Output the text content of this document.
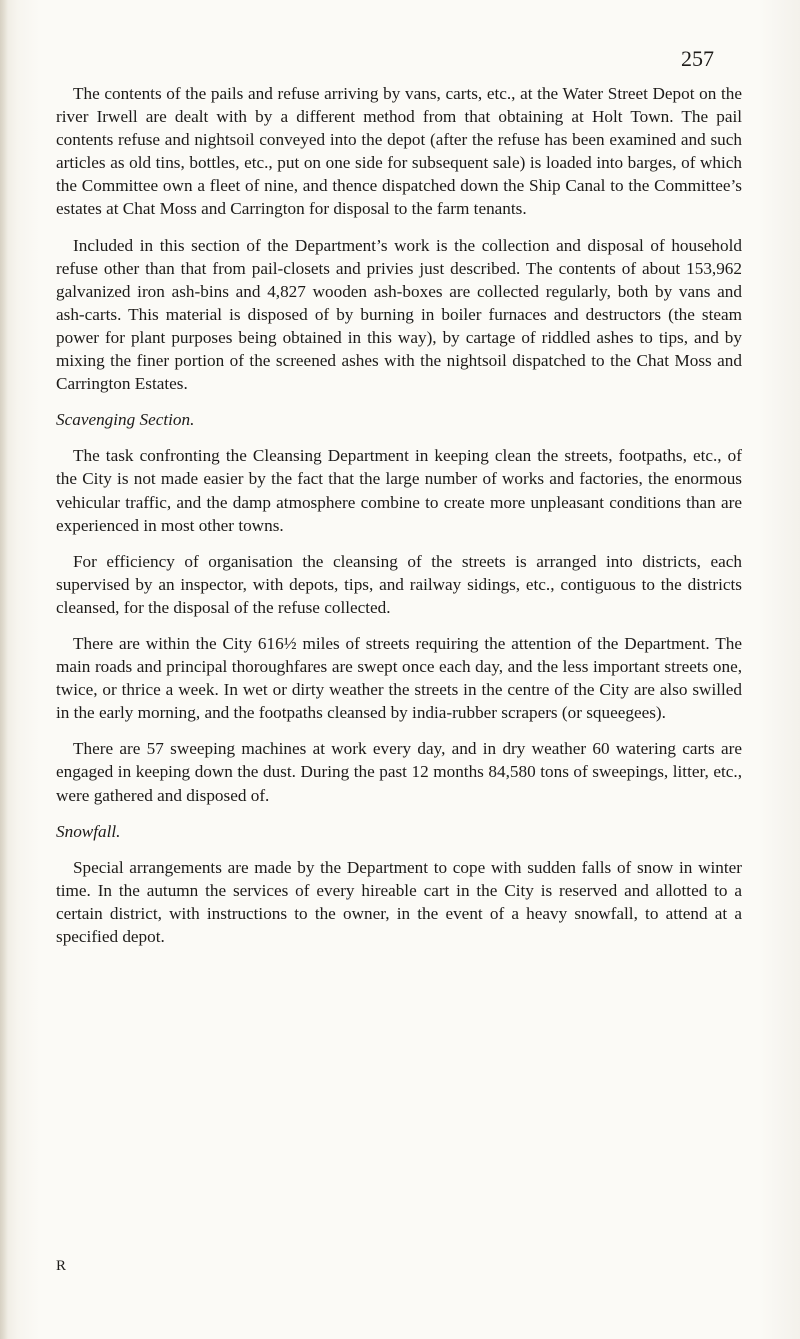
257

The contents of the pails and refuse arriving by vans, carts, etc., at the Water Street Depot on the river Irwell are dealt with by a different method from that obtaining at Holt Town. The pail contents refuse and nightsoil conveyed into the depot (after the refuse has been examined and such articles as old tins, bottles, etc., put on one side for subsequent sale) is loaded into barges, of which the Committee own a fleet of nine, and thence dispatched down the Ship Canal to the Committee’s estates at Chat Moss and Carrington for disposal to the farm tenants.

Included in this section of the Department’s work is the collection and disposal of household refuse other than that from pail-closets and privies just described. The contents of about 153,962 galvanized iron ash-bins and 4,827 wooden ash-boxes are collected regularly, both by vans and ash-carts. This material is disposed of by burning in boiler furnaces and destructors (the steam power for plant purposes being obtained in this way), by cartage of riddled ashes to tips, and by mixing the finer portion of the screened ashes with the nightsoil dispatched to the Chat Moss and Carrington Estates.

Scavenging Section.

The task confronting the Cleansing Department in keeping clean the streets, footpaths, etc., of the City is not made easier by the fact that the large number of works and factories, the enormous vehicular traffic, and the damp atmosphere combine to create more unpleasant conditions than are experienced in most other towns.

For efficiency of organisation the cleansing of the streets is arranged into districts, each supervised by an inspector, with depots, tips, and railway sidings, etc., contiguous to the districts cleansed, for the disposal of the refuse collected.

There are within the City 616½ miles of streets requiring the attention of the Department. The main roads and principal thoroughfares are swept once each day, and the less important streets one, twice, or thrice a week. In wet or dirty weather the streets in the centre of the City are also swilled in the early morning, and the footpaths cleansed by india-rubber scrapers (or squeegees).

There are 57 sweeping machines at work every day, and in dry weather 60 watering carts are engaged in keeping down the dust. During the past 12 months 84,580 tons of sweepings, litter, etc., were gathered and disposed of.

Snowfall.

Special arrangements are made by the Department to cope with sudden falls of snow in winter time. In the autumn the services of every hireable cart in the City is reserved and allotted to a certain district, with instructions to the owner, in the event of a heavy snowfall, to attend at a specified depot.

R
